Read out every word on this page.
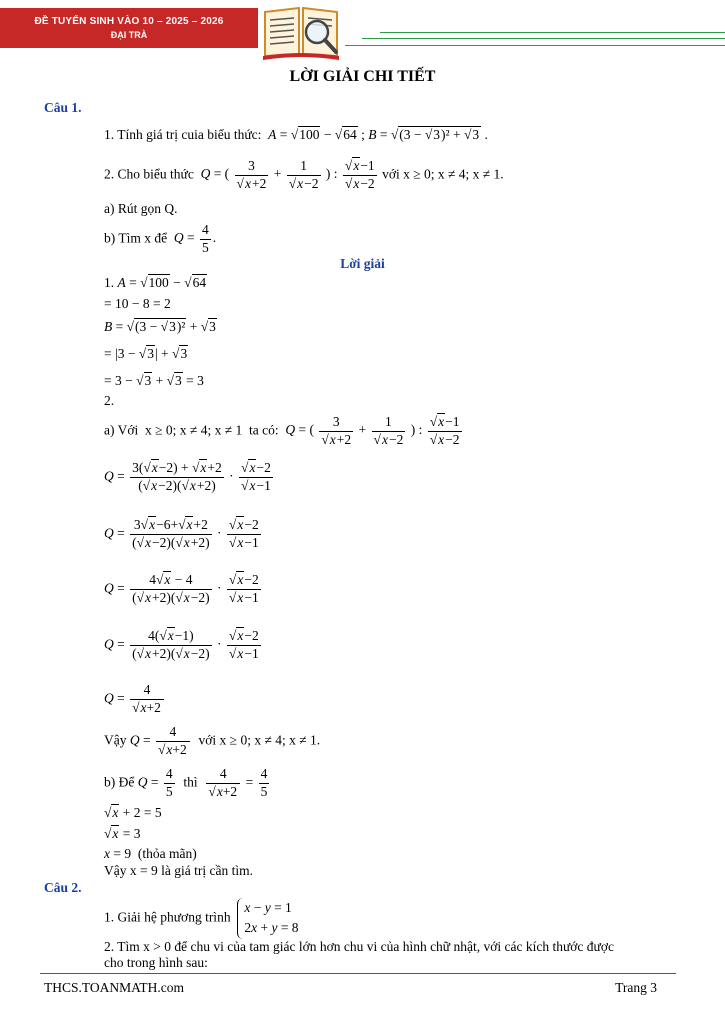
ĐỀ TUYỂN SINH VÀO 10 – 2025 – 2026
ĐẠI TRÀ
LỜI GIẢI CHI TIẾT
Câu 1.
1. Tính giá trị cuia biểu thức: A = √100 − √64 ; B = √(3 − √3)² + √3 .
2. Cho biểu thức Q = ( $\frac{3}{√x+2} + \frac{1}{√x-2}$ ) : $\frac{√x-1}{√x-2}$ với x ≥ 0; x ≠ 4; x ≠ 1.
a) Rút gọn Q.
b) Tìm x để $Q = \frac{4}{5}$ .
Lời giải
1. A = √100 − √64
= 10 − 8 = 2
B = √(3 − √3)² + √3
= |3 − √3| + √3
= 3 − √3 + √3 = 3
2.
a) Với x ≥ 0; x ≠ 4; x ≠ 1 ta có: Q = ( $\frac{3}{√x+2} + \frac{1}{√x-2}$ ) : $\frac{√x-1}{√x-2}$
$Q = \frac{3(√x-2) + √x+2}{(√x-2)(√x+2)} \cdot \frac{√x-2}{√x-1}$
$Q = \frac{3√x-6+√x+2}{(√x-2)(√x+2)} \cdot \frac{√x-2}{√x-1}$
$Q = \frac{4√x - 4}{(√x+2)(√x-2)} \cdot \frac{√x-2}{√x-1}$
$Q = \frac{4(√x-1)}{(√x+2)(√x-2)} \cdot \frac{√x-2}{√x-1}$
$Q = \frac{4}{√x+2}$
Vậy $Q = \frac{4}{√x+2}$ với x ≥ 0; x ≠ 4; x ≠ 1.
b) Để $Q = \frac{4}{5}$ thì $\frac{4}{√x+2} = \frac{4}{5}$
√x + 2 = 5
√x = 3
x = 9  (thỏa mãn)
Vậy x = 9 là giá trị cần tìm.
Câu 2.
1. Giải hệ phương trình  x − y = 1
2x + y = 8
2. Tìm x > 0 để chu vi của tam giác lớn hơn chu vi của hình chữ nhật, với các kích thước được
cho trong hình sau:
THCS.TOANMATH.com	Trang 3
